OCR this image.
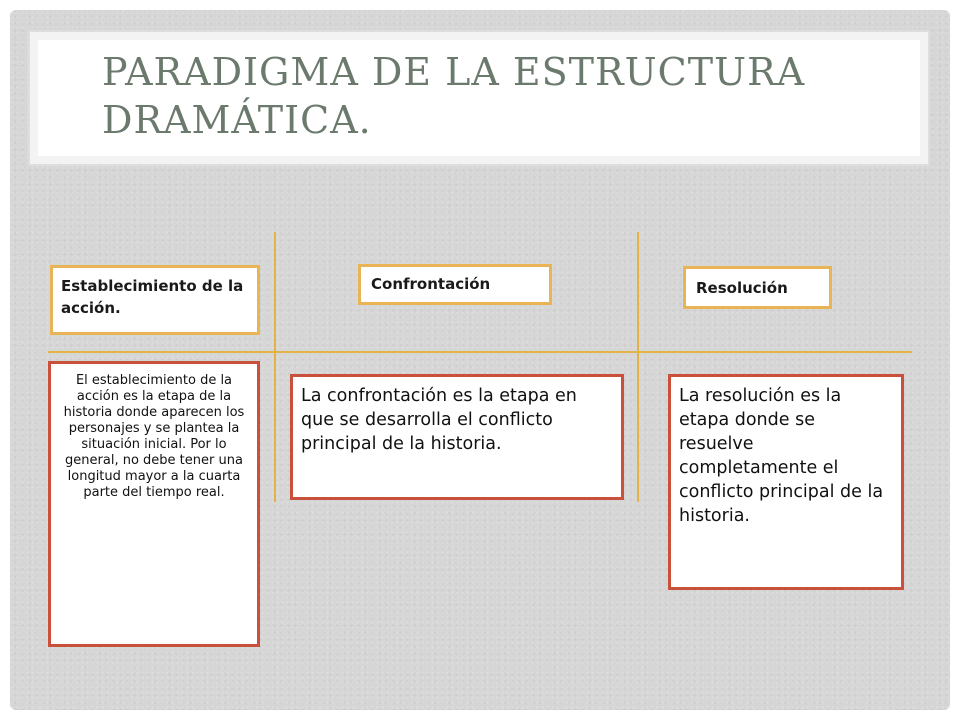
PARADIGMA DE LA ESTRUCTURA DRAMÁTICA.
Establecimiento de la acción.
Confrontación	Resolución
El establecimiento de la acción es la etapa de la historia donde aparecen los personajes y se plantea la situación inicial. Por lo general, no debe tener una longitud mayor a la cuarta parte del tiempo real.
La confrontación es la etapa en que se desarrolla el conflicto principal de la historia.
La resolución es la etapa donde se resuelve completamente el conflicto principal de la historia.
